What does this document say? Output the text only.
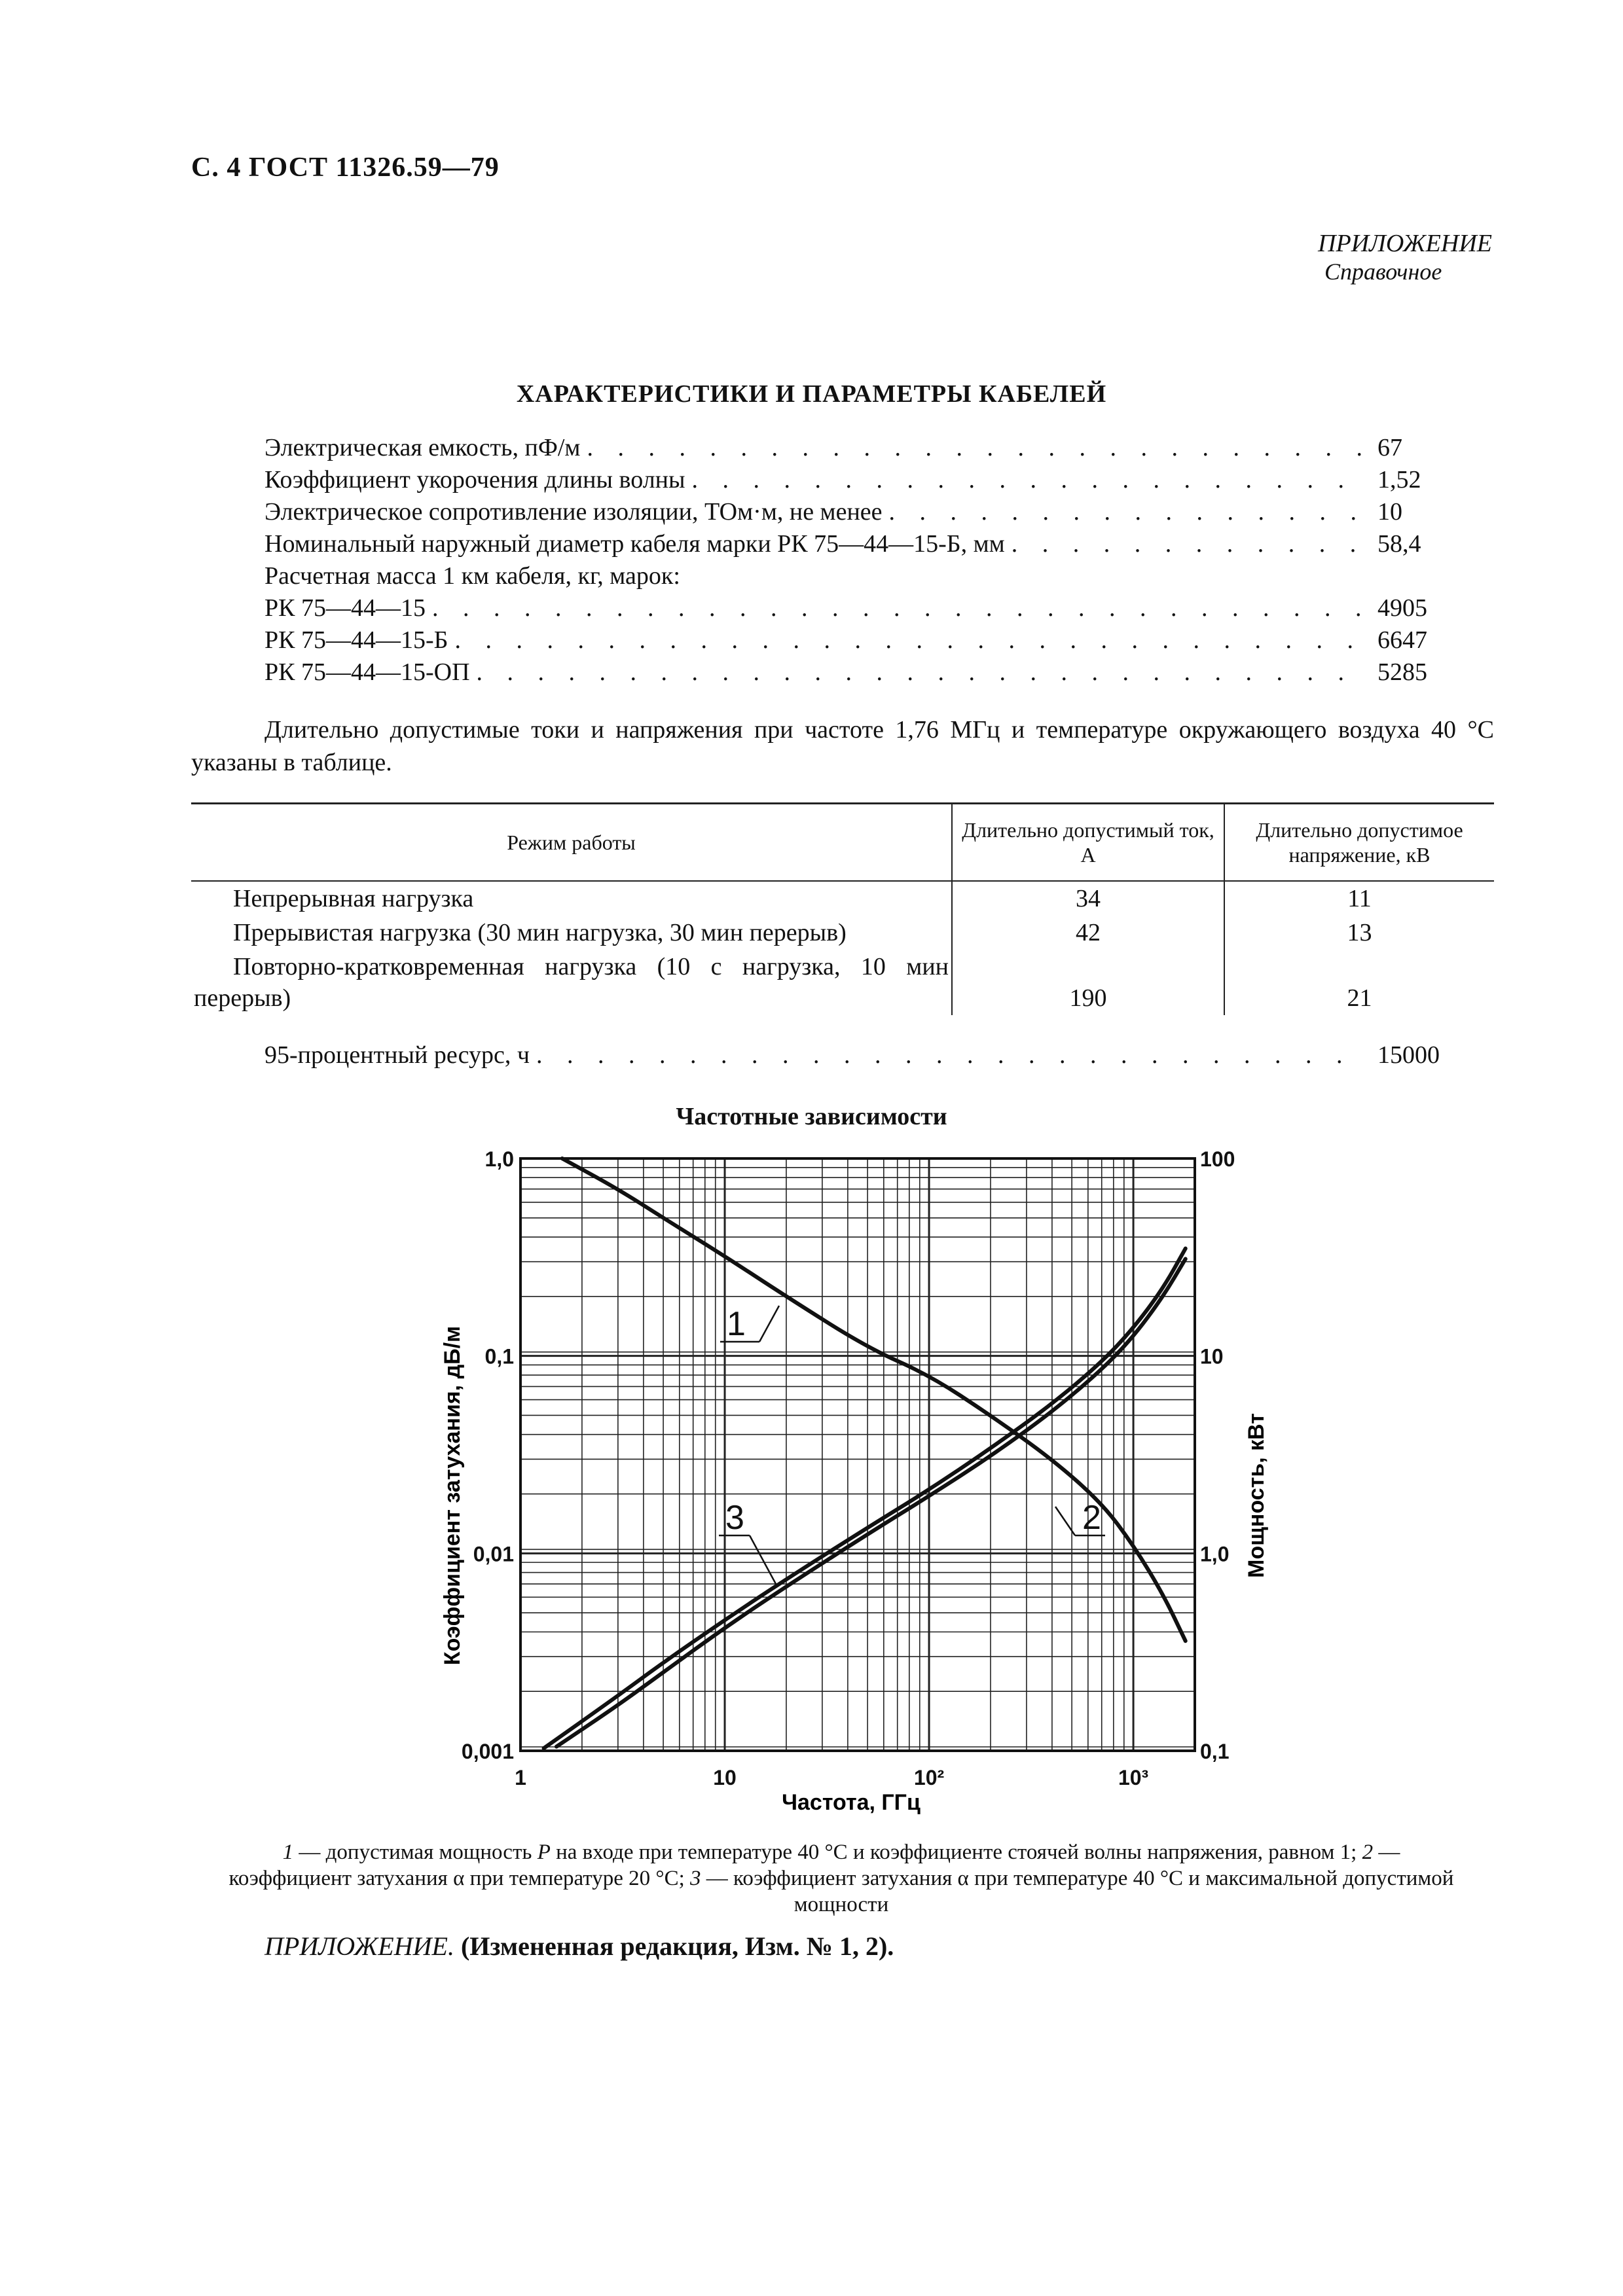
С. 4 ГОСТ 11326.59—79
ПРИЛОЖЕНИЕ
Справочное
ХАРАКТЕРИСТИКИ И ПАРАМЕТРЫ КАБЕЛЕЙ
Электрическая емкость, пФ/м . . .	67
Коэффициент укорочения длины волны . . .	1,52
Электрическое сопротивление изоляции, ТОм·м, не менее . . .	10
Номинальный наружный диаметр кабеля марки РК 75—44—15-Б, мм . . .	58,4
Расчетная масса 1 км кабеля, кг, марок:
РК 75—44—15 . . .	4905
РК 75—44—15-Б . . .	6647
РК 75—44—15-ОП . . .	5285
Длительно допустимые токи и напряжения при частоте 1,76 МГц и температуре окружающего воздуха 40 °С указаны в таблице.
Режим работы	Длительно допустимый ток, А	Длительно допустимое напряжение, кВ
Непрерывная нагрузка	34	11
Прерывистая нагрузка (30 мин нагрузка, 30 мин перерыв)	42	13
Повторно-кратковременная нагрузка (10 с нагрузка, 10 мин перерыв)	190	21
95-процентный ресурс, ч . . .	15000
Частотные зависимости
0,001
0,01
0,1
1,0
0,1
1,0
10
100
1	10	10²	10³
1
2
3
Коэффициент затухания, дБ/м	Мощность, кВт
Частота, ГГц
1 — допустимая мощность P на входе при температуре 40 °С и коэффициенте стоячей волны напряжения, равном 1; 2 — коэффициент затухания α при температуре 20 °С; 3 — коэффициент затухания α при температуре 40 °С и максимальной допустимой мощности
ПРИЛОЖЕНИЕ. (Измененная редакция, Изм. № 1, 2).
